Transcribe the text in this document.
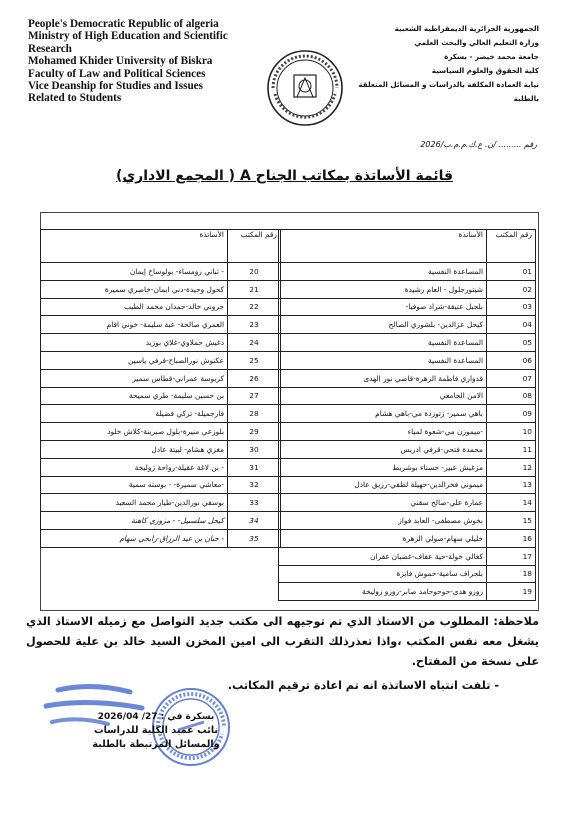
People's Democratic Republic of algeria
Ministry of High Education and Scientific
Research
Mohamed Khider University of Biskra
Faculty of Law and Political Sciences
Vice Deanship for Studies and Issues
Related to Students
الجمهورية الجزائرية الديمقراطية الشعبية
وزارة التعليم العالي والبحث العلمي
جامعة محمد خيضر - بسكرة
كلية الحقوق والعلوم السياسية
نيابة العمادة المكلفة بالدراسات و المسائل المتعلقة
بالطلبة
رقم ......... /ن. ع.ك.م.م.ب/2026
قائمة الأساتذة بمكاتب الجناح A ( المجمع الاداري)
رقم المكتب	الأساتذة
01	المساعدة النفسية
02	شيتورجلول - العام رشيدة
03	بلجبل عتيقة-شراد صوفيا-
04	كيحل عزالدين- بلشوري الصالح
05	المساعدة النفسية
06	المساعدة النفسية
07	قدواري فاطمة الزهرة-قاضي نور الهدى
08	الامن الجامعي
09	باهي سمير- زتوزدة مي-باهي هشام
10	-ميموزن مي-شعوة لمياء
11	محمدة فتحي-قرفي ادريس
12	مزغيش عبير- حسناء بوشريط
13	ميموني فخرالدين-حهيلة لطفي-رزيق عادل
14	عمارة علي-صالح سقني
15	بخوش مصطفى- العابد فواز
16	خليلي سهام-صولي الزهرة
17	كغالي خولة-حية عفاف-غضبان غفران
18	بلجراف سامية-حموش فايزة
19	زوزو هدى-حوحوحامد صابر-زوزو زوليخة
رقم المكتب	الأساتذة
20	- ثباني رومساء- بولوساخ إيمان
21	كحول وحيدة-دني ايمان-خاصري سميرة
22	جروني خالد-حمدان محمد الطيب
23	العمري صالحة- عبة سليمة- خوني اقام
24	دغيش حملاوي-غلاي بوزيد
25	عكنوش نورالصباح-قرفي ياسين
26	كربوسة عمراني-قطاس سمير
27	بن حسين سليمة- طري سميحة
28	فارجميلة- تركي فضيلة
29	بلوزعي منيرة-بلول صبرينة-كلاش خلود
30	مغزي هشام- لبيتة عادل
31	- بن لاغة عقيلة-رواحة زوليخة
32	-معاشي سميرة- - بوسته سمية
33	بوسفي نورالدين-طيار محمد السعيد
34	كيحل سلسبيل- - مزوزي كاهنة
35	- حنان بن عبد الرزاق-رابحي سهام

ملاحظة: المطلوب من الاستاذ الذي تم توجيهه الى مكتب جديد التواصل مع زميله الاستاذ الذي يشغل معه نفس المكتب ،واذا تعذرذلك التقرب الى امين المخزن السيد خالد بن علية للحصول على نسخة من المفتاح.

- تلفت انتباه الاساتذة انه تم اعادة ترقيم المكاتب.

بسكرة في : 27/ 2026/04
نائب عميد الكلية للدراسات
والمسائل المرتبطة بالطلبة
